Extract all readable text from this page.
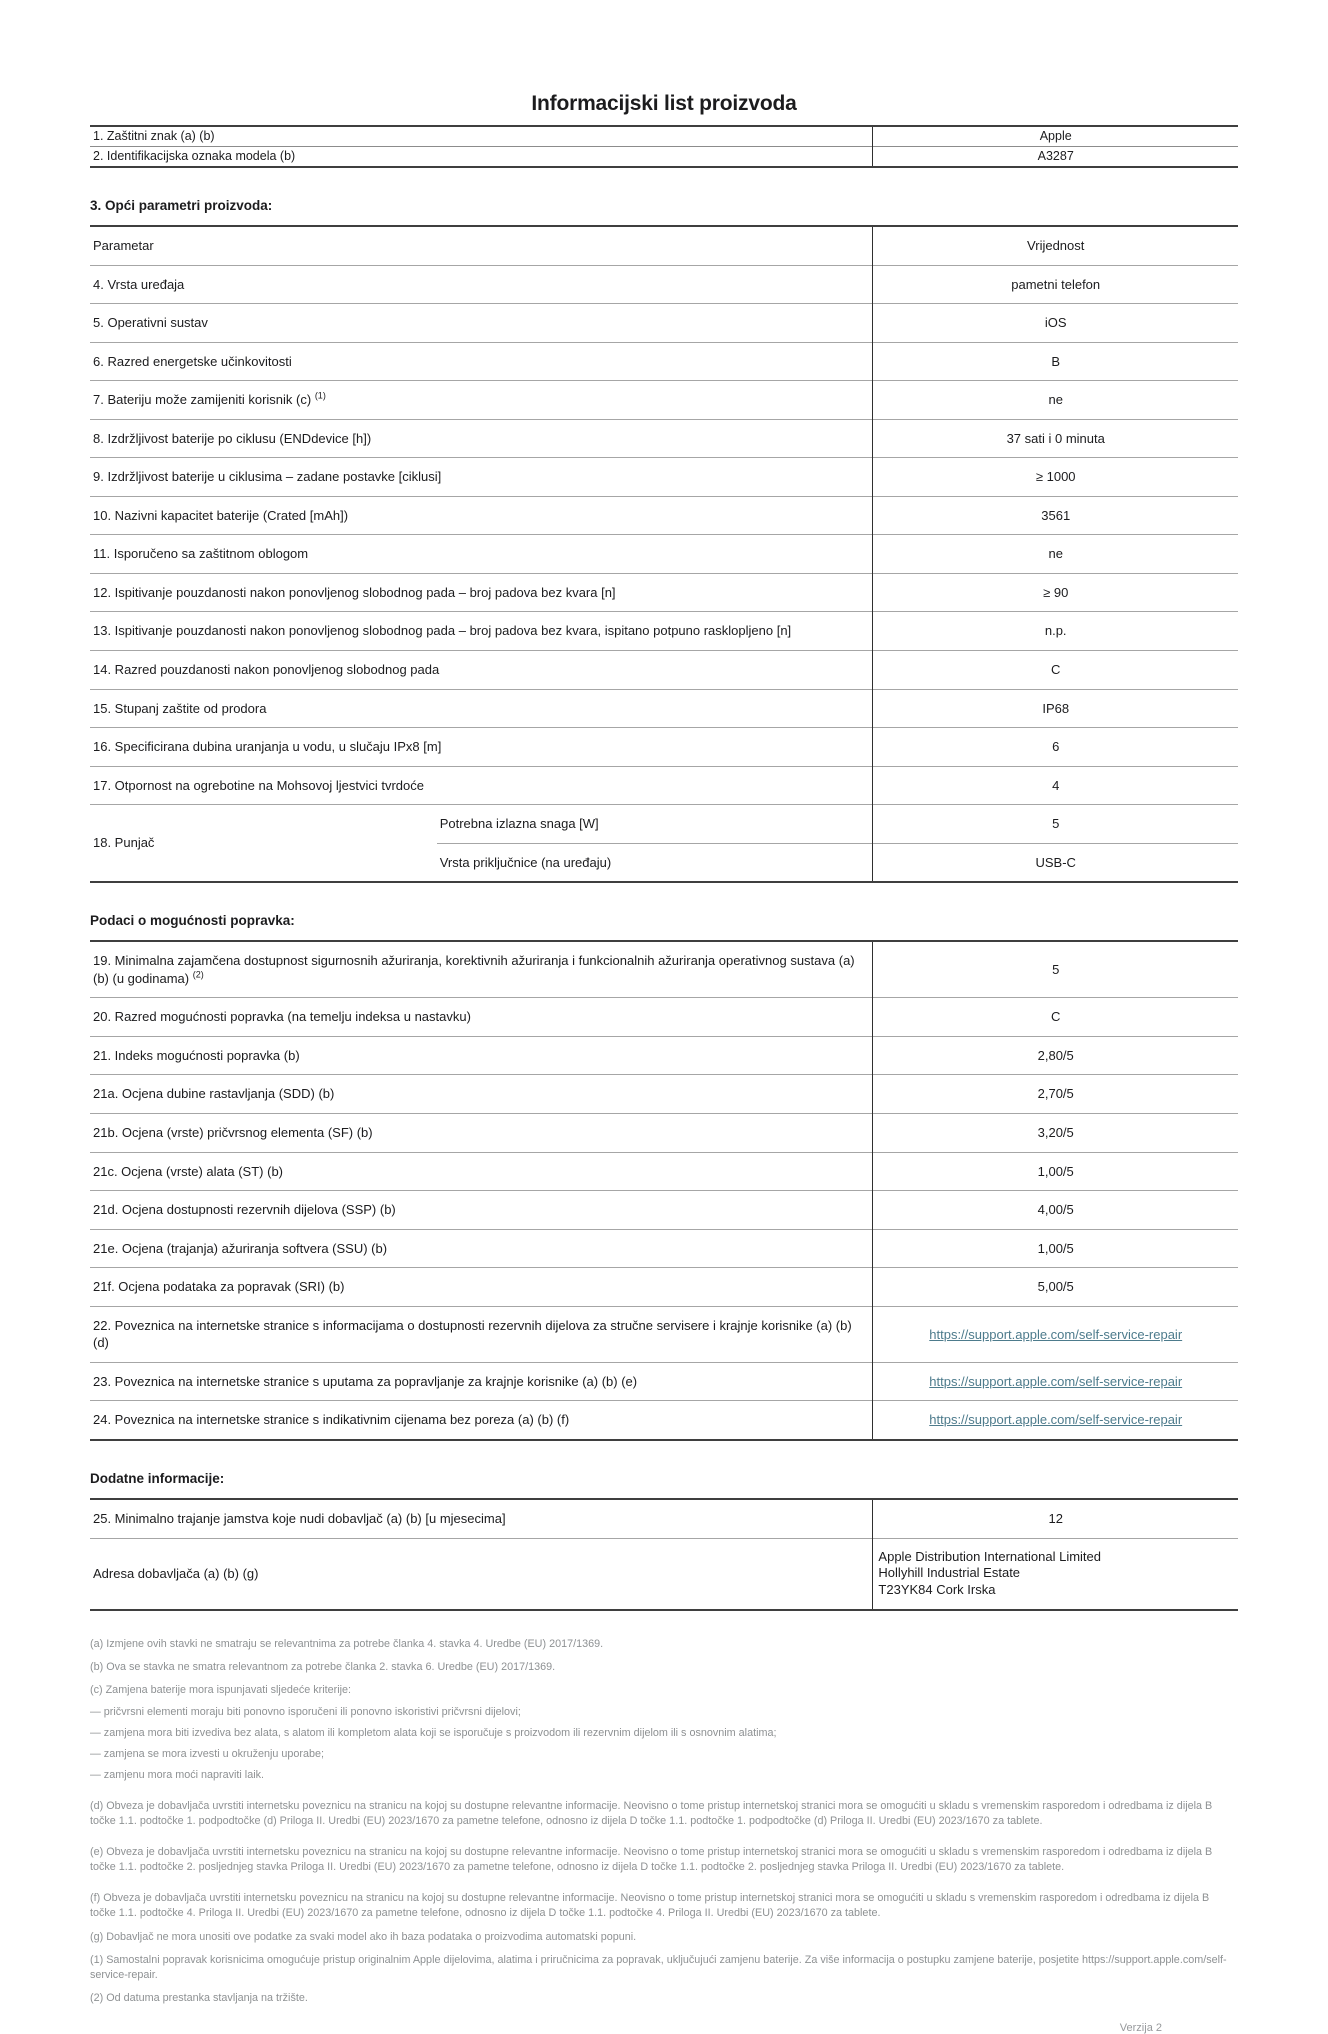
Informacijski list proizvoda
1. Zaštitni znak (a) (b)	Apple
2. Identifikacijska oznaka modela (b)	A3287
3. Opći parametri proizvoda:
Parametar		Vrijednost
4. Vrsta uređaja		pametni telefon
5. Operativni sustav		iOS
6. Razred energetske učinkovitosti		B
7. Bateriju može zamijeniti korisnik (c) $^{(1)}$		ne
8. Izdržljivost baterije po ciklusu (ENDdevice [h])		37 sati i 0 minuta
9. Izdržljivost baterije u ciklusima – zadane postavke [ciklusi]		≥ 1000
10. Nazivni kapacitet baterije (Crated [mAh])		3561
11. Isporučeno sa zaštitnom oblogom		ne
12. Ispitivanje pouzdanosti nakon ponovljenog slobodnog pada – broj padova bez kvara [n]		≥ 90
13. Ispitivanje pouzdanosti nakon ponovljenog slobodnog pada – broj padova bez kvara, ispitano potpuno rasklopljeno [n]		n.p.
14. Razred pouzdanosti nakon ponovljenog slobodnog pada		C
15. Stupanj zaštite od prodora		IP68
16. Specificirana dubina uranjanja u vodu, u slučaju IPx8 [m]		6
17. Otpornost na ogrebotine na Mohsovoj ljestvici tvrdoće		4
18. Punjač	Potrebna izlazna snaga [W]	5
	Vrsta priključnice (na uređaju)	USB-C
Podaci o mogućnosti popravka:
19. Minimalna zajamčena dostupnost sigurnosnih ažuriranja, korektivnih ažuriranja i funkcionalnih ažuriranja operativnog sustava (a) (b) (u godinama) $^{(2)}$	5
20. Razred mogućnosti popravka (na temelju indeksa u nastavku)	C
21. Indeks mogućnosti popravka (b)	2,80/5
21a. Ocjena dubine rastavljanja (SDD) (b)	2,70/5
21b. Ocjena (vrste) pričvrsnog elementa (SF) (b)	3,20/5
21c. Ocjena (vrste) alata (ST) (b)	1,00/5
21d. Ocjena dostupnosti rezervnih dijelova (SSP) (b)	4,00/5
21e. Ocjena (trajanja) ažuriranja softvera (SSU) (b)	1,00/5
21f. Ocjena podataka za popravak (SRI) (b)	5,00/5
22. Poveznica na internetske stranice s informacijama o dostupnosti rezervnih dijelova za stručne servisere i krajnje korisnike (a) (b) (d)	https://support.apple.com/self-service-repair
23. Poveznica na internetske stranice s uputama za popravljanje za krajnje korisnike (a) (b) (e)	https://support.apple.com/self-service-repair
24. Poveznica na internetske stranice s indikativnim cijenama bez poreza (a) (b) (f)	https://support.apple.com/self-service-repair
Dodatne informacije:
25. Minimalno trajanje jamstva koje nudi dobavljač (a) (b) [u mjesecima]	12
Adresa dobavljača (a) (b) (g)	Apple Distribution International Limited
Hollyhill Industrial Estate
T23YK84 Cork Irska

(a) Izmjene ovih stavki ne smatraju se relevantnima za potrebe članka 4. stavka 4. Uredbe (EU) 2017/1369.

(b) Ova se stavka ne smatra relevantnom za potrebe članka 2. stavka 6. Uredbe (EU) 2017/1369.

(c) Zamjena baterije mora ispunjavati sljedeće kriterije:

— pričvrsni elementi moraju biti ponovno isporučeni ili ponovno iskoristivi pričvrsni dijelovi;

— zamjena mora biti izvediva bez alata, s alatom ili kompletom alata koji se isporučuje s proizvodom ili rezervnim dijelom ili s osnovnim alatima;

— zamjena se mora izvesti u okruženju uporabe;

— zamjenu mora moći napraviti laik.

(d) Obveza je dobavljača uvrstiti internetsku poveznicu na stranicu na kojoj su dostupne relevantne informacije. Neovisno o tome pristup internetskoj stranici mora se omogućiti u skladu s vremenskim rasporedom i odredbama iz dijela B točke 1.1. podtočke 1. podpodtočke (d) Priloga II. Uredbi (EU) 2023/1670 za pametne telefone, odnosno iz dijela D točke 1.1. podtočke 1. podpodtočke (d) Priloga II. Uredbi (EU) 2023/1670 za tablete.

(e) Obveza je dobavljača uvrstiti internetsku poveznicu na stranicu na kojoj su dostupne relevantne informacije. Neovisno o tome pristup internetskoj stranici mora se omogućiti u skladu s vremenskim rasporedom i odredbama iz dijela B točke 1.1. podtočke 2. posljednjeg stavka Priloga II. Uredbi (EU) 2023/1670 za pametne telefone, odnosno iz dijela D točke 1.1. podtočke 2. posljednjeg stavka Priloga II. Uredbi (EU) 2023/1670 za tablete.

(f) Obveza je dobavljača uvrstiti internetsku poveznicu na stranicu na kojoj su dostupne relevantne informacije. Neovisno o tome pristup internetskoj stranici mora se omogućiti u skladu s vremenskim rasporedom i odredbama iz dijela B točke 1.1. podtočke 4. Priloga II. Uredbi (EU) 2023/1670 za pametne telefone, odnosno iz dijela D točke 1.1. podtočke 4. Priloga II. Uredbi (EU) 2023/1670 za tablete.

(g) Dobavljač ne mora unositi ove podatke za svaki model ako ih baza podataka o proizvodima automatski popuni.

(1) Samostalni popravak korisnicima omogućuje pristup originalnim Apple dijelovima, alatima i priručnicima za popravak, uključujući zamjenu baterije. Za više informacija o postupku zamjene baterije, posjetite https://support.apple.com/self-service-repair.

(2) Od datuma prestanka stavljanja na tržište.

Verzija 2
